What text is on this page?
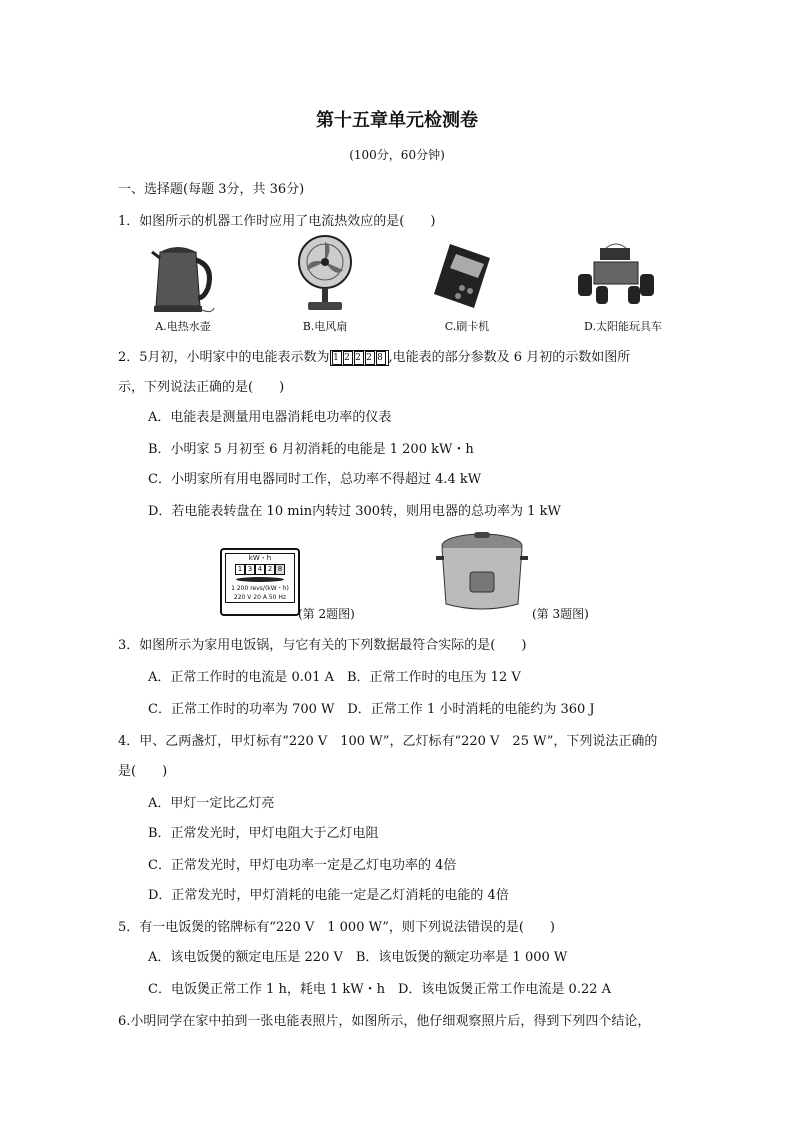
第十五章单元检测卷
(100分，60分钟)
一、选择题(每题 3分，共 36分)
1．如图所示的机器工作时应用了电流热效应的是(　　)
A.电热水壶	B.电风扇	C.刷卡机	D.太阳能玩具车
2．5月初，小明家中的电能表示数为 1 2 2 2 8 ,电能表的部分参数及 6 月初的示数如图所
示，下列说法正确的是(　　)
A．电能表是测量用电器消耗电功率的仪表
B．小明家 5 月初至 6 月初消耗的电能是 1 200 kW・h
C．小明家所有用电器同时工作，总功率不得超过 4.4 kW
D．若电能表转盘在 10 min内转过 300转，则用电器的总功率为 1 kW
kW・h
1 3 4 2 8
1 200 revs/(kW・h)
220 V 20 A 50 Hz
(第 2题图)	(第 3题图)
3．如图所示为家用电饭锅，与它有关的下列数据最符合实际的是(　　)
A．正常工作时的电流是 0.01 A　B．正常工作时的电压为 12 V
C．正常工作时的功率为 700 W　D．正常工作 1 小时消耗的电能约为 360 J
4．甲、乙两盏灯，甲灯标有“220 V　100 W”，乙灯标有“220 V　25 W”，下列说法正确的
是(　　)
A．甲灯一定比乙灯亮
B．正常发光时，甲灯电阻大于乙灯电阻
C．正常发光时，甲灯电功率一定是乙灯电功率的 4倍
D．正常发光时，甲灯消耗的电能一定是乙灯消耗的电能的 4倍
5．有一电饭煲的铭牌标有“220 V　1 000 W”，则下列说法错误的是(　　)
A．该电饭煲的额定电压是 220 V　B．该电饭煲的额定功率是 1 000 W
C．电饭煲正常工作 1 h，耗电 1 kW・h　D．该电饭煲正常工作电流是 0.22 A
6.小明同学在家中拍到一张电能表照片，如图所示，他仔细观察照片后，得到下列四个结论，
